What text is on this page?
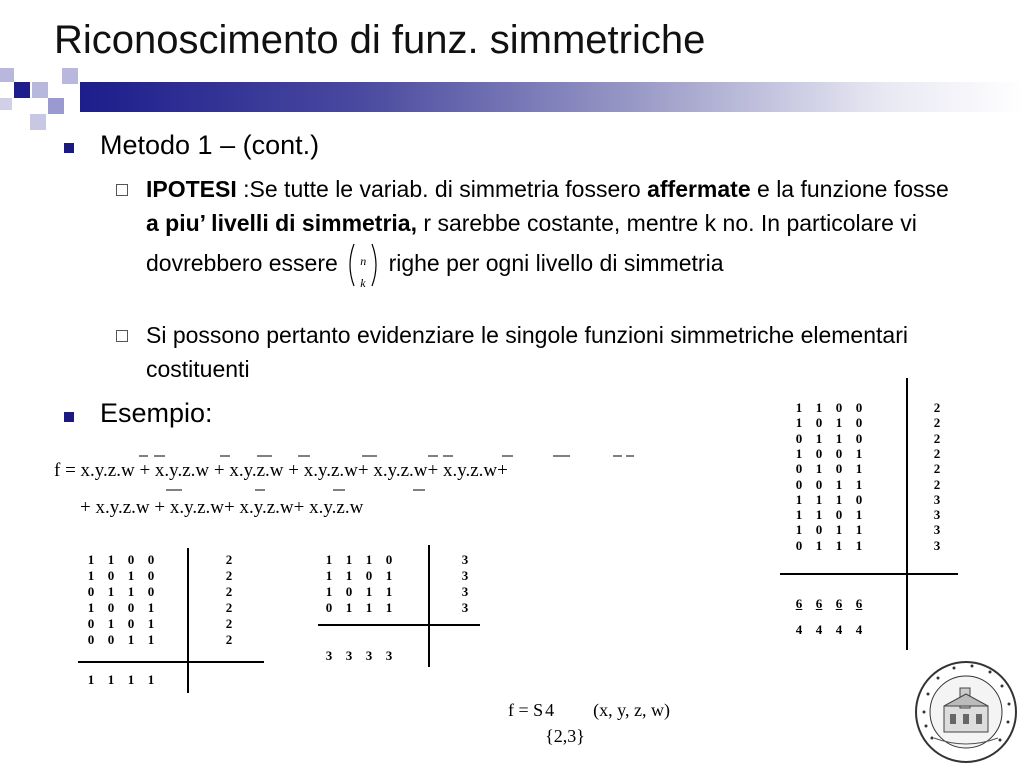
Riconoscimento di funz. simmetriche
Metodo 1 – (cont.)
IPOTESI :Se tutte le variab. di simmetria fossero affermate e la funzione fosse a piu’ livelli di simmetria, r sarebbe costante, mentre k no. In particolare vi dovrebbero essere n
k
righe per ogni livello di simmetria
Si possono pertanto evidenziare le singole funzioni simmetriche elementari costituenti
Esempio:
f = x.y.z.w + x.y.z.w + x.y.z.w + x.y.z.w+ x.y.z.w+ x.y.z.w+
+ x.y.z.w + x.y.z.w+ x.y.z.w+ x.y.z.w
f = S 4
{2,3}
(x, y, z, w)
1 1 0 0	2
1 0 1 0	2
0 1 1 0	2
1 0 0 1	2
0 1 0 1	2
0 0 1 1	2
1 1 1 1
1 1 1 0	3
1 1 0 1	3
1 0 1 1	3
0 1 1 1	3
3 3 3 3
1 1 0 0	2
1 0 1 0	2
0 1 1 0	2
1 0 0 1	2
0 1 0 1	2
0 0 1 1	2
1 1 1 0	3
1 1 0 1	3
1 0 1 1	3
0 1 1 1	3
6 6 6 6
4 4 4 4
